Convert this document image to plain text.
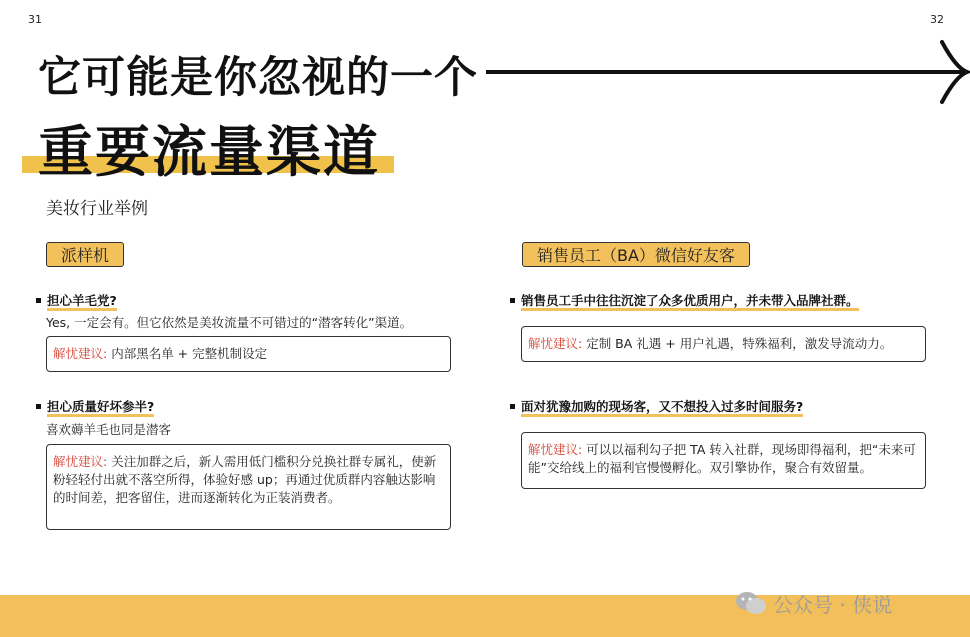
31	32
它可能是你忽视的一个
重要流量渠道
美妆行业举例
派样机
担心羊毛党?
Yes, 一定会有。但它依然是美妆流量不可错过的“潜客转化”渠道。
解忧建议: 内部黑名单 + 完整机制设定
担心质量好坏参半?
喜欢薅羊毛也同是潜客
解忧建议: 关注加群之后，新人需用低门槛积分兑换社群专属礼，使新粉轻轻付出就不落空所得，体验好感 up；再通过优质群内容触达影响的时间差，把客留住，进而逐渐转化为正装消费者。
销售员工（BA）微信好友客
销售员工手中往往沉淀了众多优质用户，并未带入品牌社群。
解忧建议: 定制 BA 礼遇 + 用户礼遇，特殊福利，激发导流动力。
面对犹豫加购的现场客，又不想投入过多时间服务?
解忧建议: 可以以福利勾子把 TA 转入社群，现场即得福利，把“未来可能”交给线上的福利官慢慢孵化。双引擎协作，聚合有效留量。
公众号 · 侠说
